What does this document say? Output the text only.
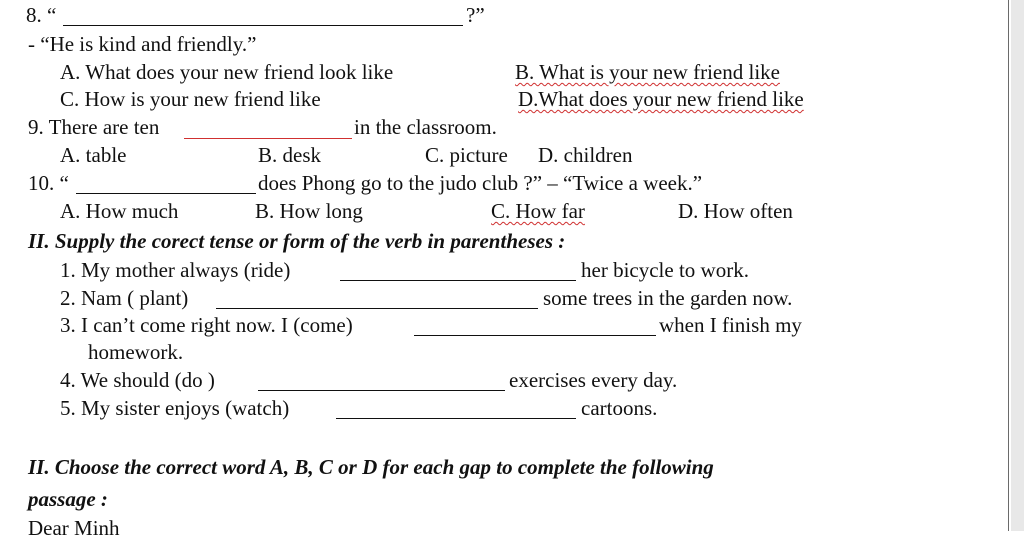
8. “	?”
- “He is kind and friendly.”
A. What does your new friend look like	B. What is your new friend like
C. How is your new friend like	D.What does your new friend like
9. There are ten	in the classroom.
A. table	B. desk	C. picture D. children
10. “	does Phong go to the judo club ?” – “Twice a week.”
A. How much	B. How long	C. How far	D. How often
II. Supply the corect tense or form of the verb in parentheses :
1. My mother always (ride)	her bicycle to work.
2. Nam ( plant)	some trees in the garden now.
3. I can’t come right now. I (come)	when I finish my
homework.
4. We should (do )	exercises every day.
5. My sister enjoys (watch)	cartoons.
II. Choose the correct word A, B, C or D for each gap to complete the following
passage :
Dear Minh
